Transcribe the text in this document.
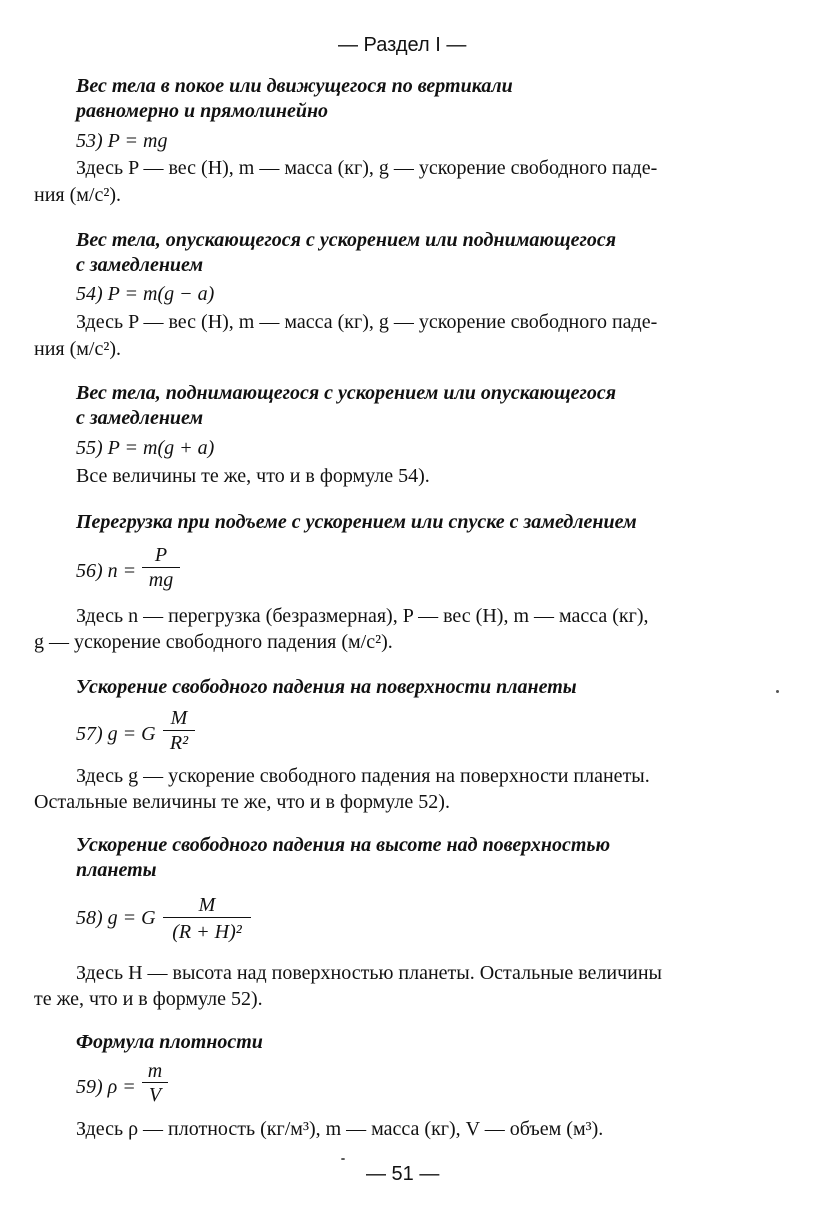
— Раздел I —
Вес тела в покое или движущегося по вертикали
равномерно и прямолинейно
53) P = mg
Здесь P — вес (Н), m — масса (кг), g — ускорение свободного паде-
ния (м/с²).
Вес тела, опускающегося с ускорением или поднимающегося
с замедлением
54) P = m(g − a)
Здесь P — вес (Н), m — масса (кг), g — ускорение свободного паде-
ния (м/с²).
Вес тела, поднимающегося с ускорением или опускающегося
с замедлением
55) P = m(g + a)
Все величины те же, что и в формуле 54).
Перегрузка при подъеме с ускорением или спуске с замедлением
56) n =
P
mg
Здесь n — перегрузка (безразмерная), P — вес (Н), m — масса (кг),
g — ускорение свободного падения (м/с²).
Ускорение свободного падения на поверхности планеты
57) g = G
M
R²
Здесь g — ускорение свободного падения на поверхности планеты.
Остальные величины те же, что и в формуле 52).
Ускорение свободного падения на высоте над поверхностью
планеты
58) g = G
M
(R + H)²
Здесь H — высота над поверхностью планеты. Остальные величины
те же, что и в формуле 52).
Формула плотности
59) ρ =
m
V
Здесь ρ — плотность (кг/м³), m — масса (кг), V — объем (м³).
— 51 —
